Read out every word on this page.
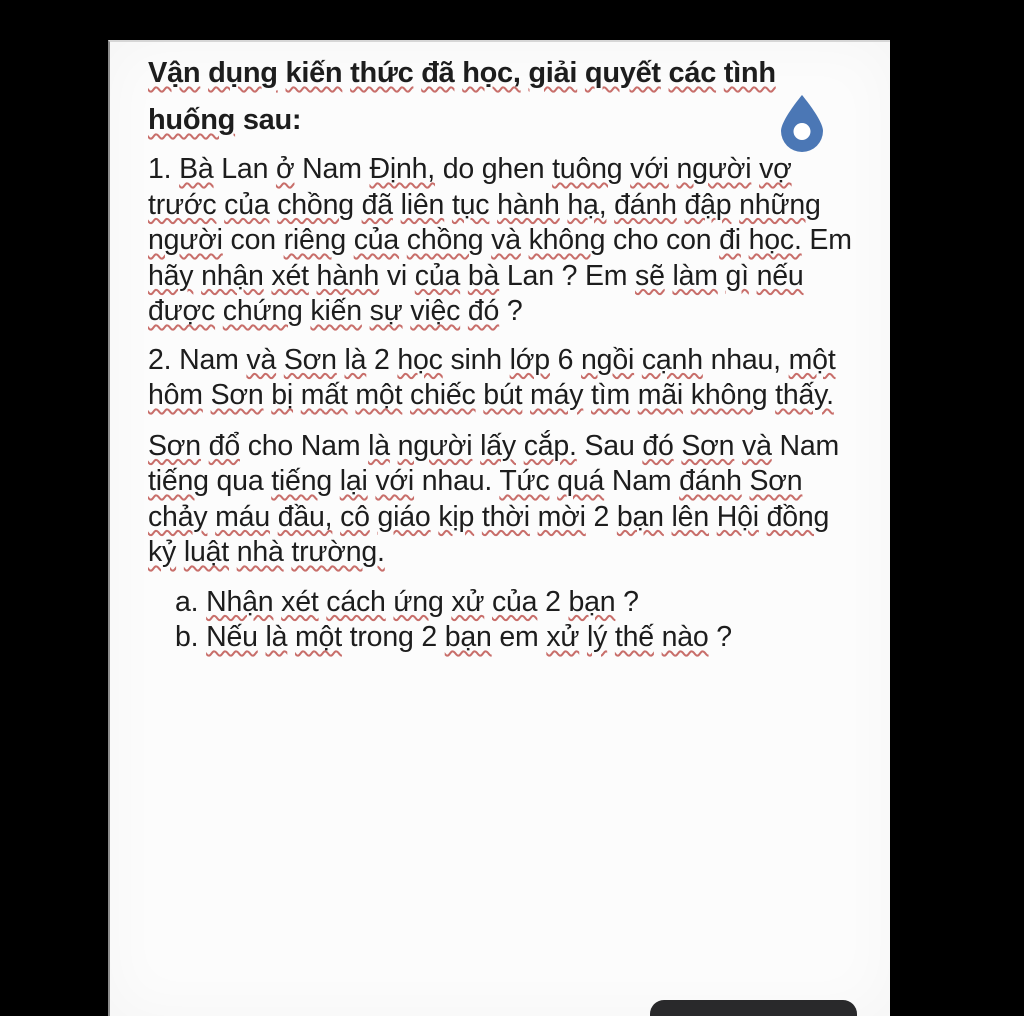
Vận dụng kiến thức đã học, giải quyết các tình
huống sau:
1. Bà Lan ở Nam Định, do ghen tuông với người vợ
trước của chồng đã liên tục hành hạ, đánh đập những
người con riêng của chồng và không cho con đi học. Em
hãy nhận xét hành vi của bà Lan ? Em sẽ làm gì nếu
được chứng kiến sự việc đó ?
2. Nam và Sơn là 2 học sinh lớp 6 ngồi cạnh nhau, một
hôm Sơn bị mất một chiếc bút máy tìm mãi không thấy.
Sơn đổ cho Nam là người lấy cắp. Sau đó Sơn và Nam
tiếng qua tiếng lại với nhau. Tức quá Nam đánh Sơn
chảy máu đầu, cô giáo kịp thời mời 2 bạn lên Hội đồng
kỷ luật nhà trường.
a. Nhận xét cách ứng xử của 2 bạn ?
b. Nếu là một trong 2 bạn em xử lý thế nào ?
